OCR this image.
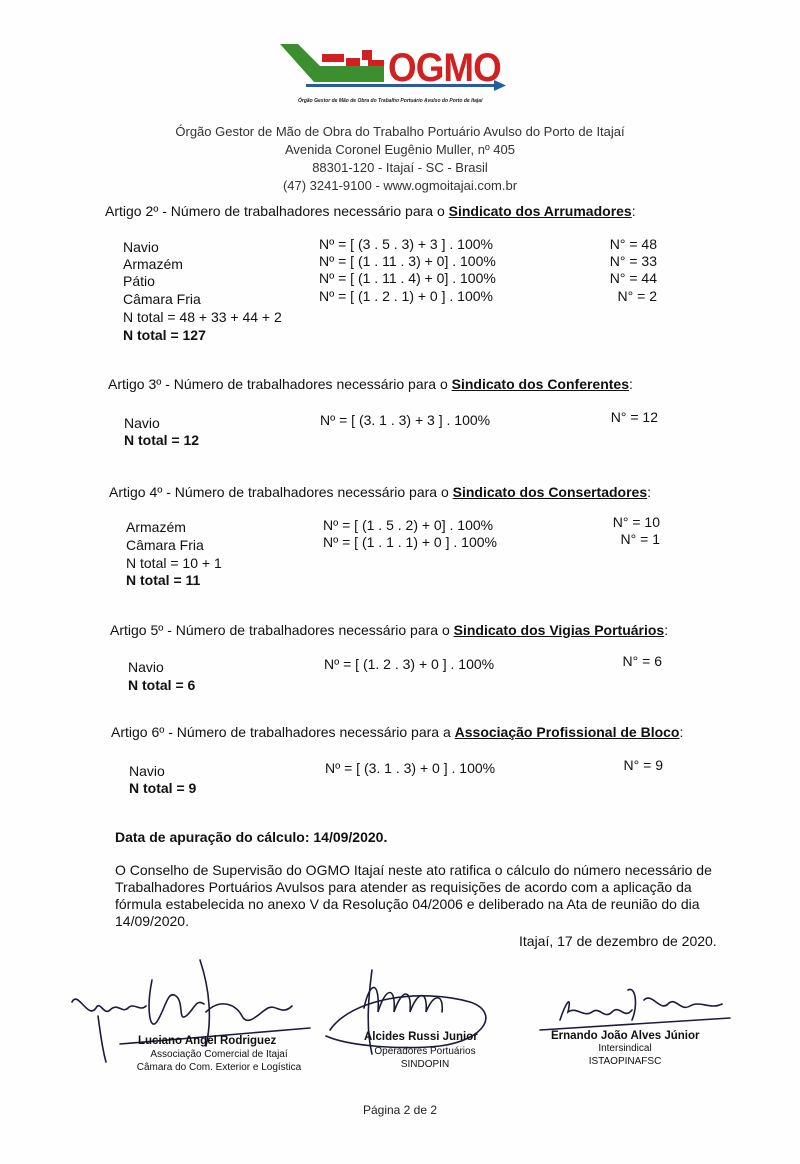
OGMO
Órgão Gestor de Mão de Obra do Trabalho Portuário Avulso do Porto de Itajaí
Órgão Gestor de Mão de Obra do Trabalho Portuário Avulso do Porto de Itajaí
Avenida Coronel Eugênio Muller, nº 405
88301-120 - Itajaí - SC - Brasil
(47) 3241-9100 - www.ogmoitajai.com.br
Artigo 2º - Número de trabalhadores necessário para o Sindicato dos Arrumadores:
Navio	Nº = [ (3 . 5 . 3) + 3 ] . 100%	N° = 48
Armazém	Nº = [ (1 . 11 . 3) + 0] . 100%	N° = 33
Pátio	Nº = [ (1 . 11 . 4) + 0] . 100%	N° = 44
Câmara Fria	Nº = [ (1 . 2 . 1) + 0 ] . 100%	N° = 2
N total = 48 + 33 + 44 + 2
N total = 127
Artigo 3º - Número de trabalhadores necessário para o Sindicato dos Conferentes:
Navio	Nº = [ (3. 1 . 3) + 3 ] . 100%	N° = 12
N total = 12
Artigo 4º - Número de trabalhadores necessário para o Sindicato dos Consertadores:
Armazém	Nº = [ (1 . 5 . 2) + 0] . 100%	N° = 10
Câmara Fria	Nº = [ (1 . 1 . 1) + 0 ] . 100%	N° = 1
N total = 10 + 1
N total = 11
Artigo 5º - Número de trabalhadores necessário para o Sindicato dos Vigias Portuários:
Navio	Nº = [ (1. 2 . 3) + 0 ] . 100%	N° = 6
N total = 6
Artigo 6º - Número de trabalhadores necessário para a Associação Profissional de Bloco:
Navio	Nº = [ (3. 1 . 3) + 0 ] . 100%	N° = 9
N total = 9
Data de apuração do cálculo: 14/09/2020.
O Conselho de Supervisão do OGMO Itajaí neste ato ratifica o cálculo do número necessário de Trabalhadores Portuários Avulsos para atender as requisições de acordo com a aplicação da fórmula estabelecida no anexo V da Resolução 04/2006 e deliberado na Ata de reunião do dia 14/09/2020.
Itajaí, 17 de dezembro de 2020.
Luciano Angel Rodriguez
Associação Comercial de Itajaí
Câmara do Com. Exterior e Logística
Alcides Russi Junior
Operadores Portuários
SINDOPIN
Ernando João Alves Júnior
Intersindical
ISTAOPINAFSC
Página 2 de 2
